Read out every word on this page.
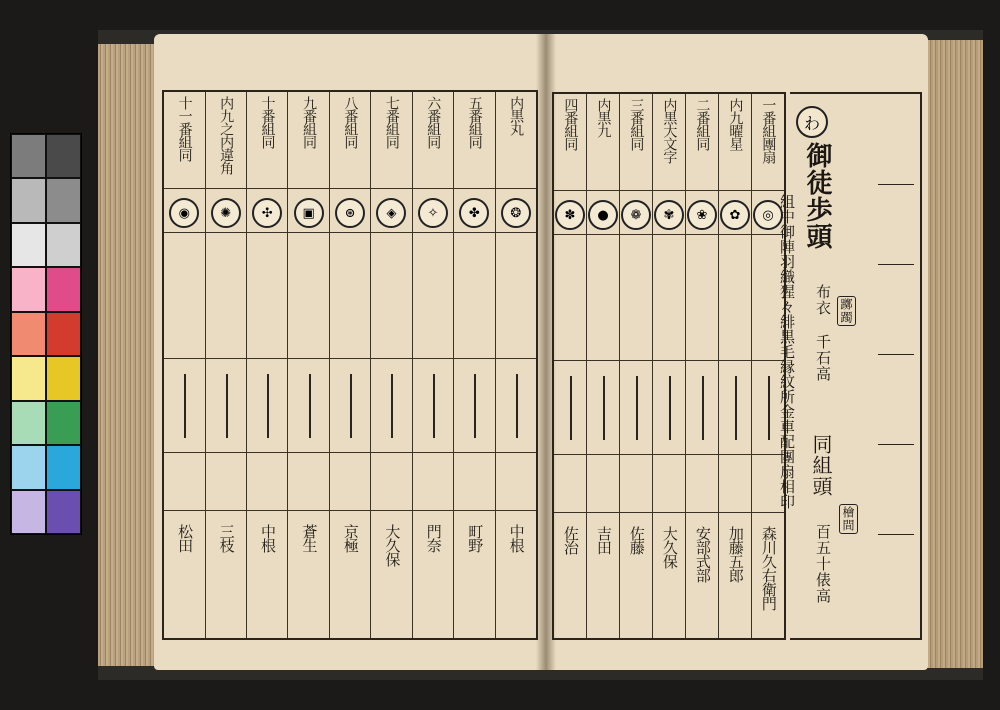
内黒丸
❂
中根
五番組同
✤
町野
六番組同
✧
門奈
七番組同
◈
大久保
八番組同
⊛
京極
九番組同
▣
蒼生
十番組同
✣
中根
内九之内違角
✺
三枝
十一番組同
◉
松田
一番組團扇
◎
森川久右衛門
内九曜星
✿
加藤五郎
二番組同
❀
安部式部
内黒大文字
✾
大久保
三番組同
❁
佐藤
内黒九
●
吉田
四番組同
✽
佐治
わ
御徒歩頭
躑躅
布衣
千石高
組中御陣羽織猩々緋黒毛縁紋所金車配團扇相印 同組頭
檜間
百五十俵高
